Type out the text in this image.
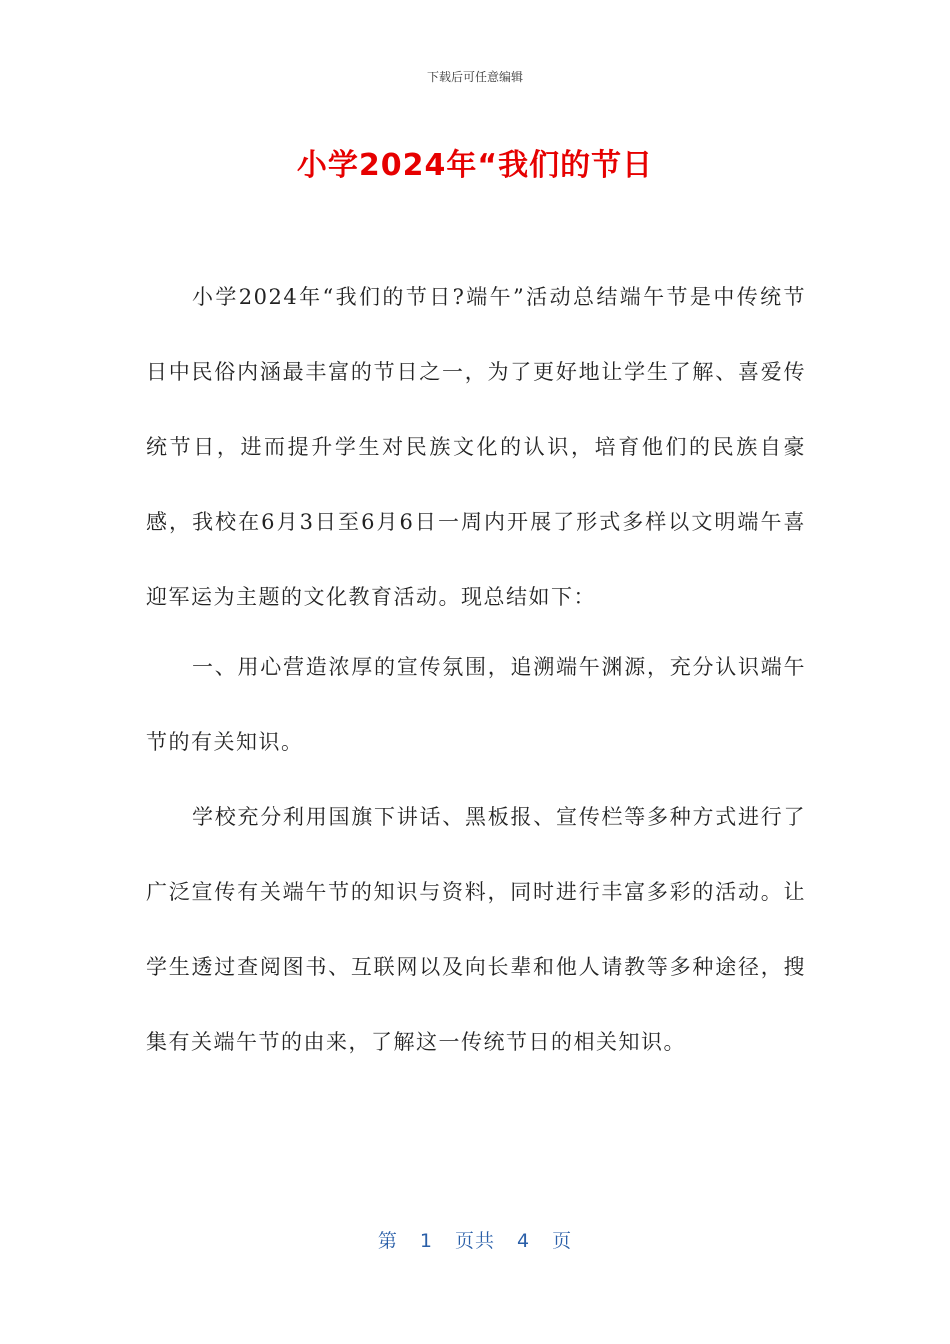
下载后可任意编辑
小学2024年“我们的节日
小学2024年“我们的节日?端午”活动总结端午节是中传统节日中民俗内涵最丰富的节日之一，为了更好地让学生了解、喜爱传统节日，进而提升学生对民族文化的认识，培育他们的民族自豪感，我校在6月3日至6月6日一周内开展了形式多样以文明端午喜迎军运为主题的文化教育活动。现总结如下：
一、用心营造浓厚的宣传氛围，追溯端午渊源，充分认识端午节的有关知识。
学校充分利用国旗下讲话、黑板报、宣传栏等多种方式进行了广泛宣传有关端午节的知识与资料，同时进行丰富多彩的活动。让学生透过查阅图书、互联网以及向长辈和他人请教等多种途径，搜集有关端午节的由来，了解这一传统节日的相关知识。
第 1 页共 4 页
